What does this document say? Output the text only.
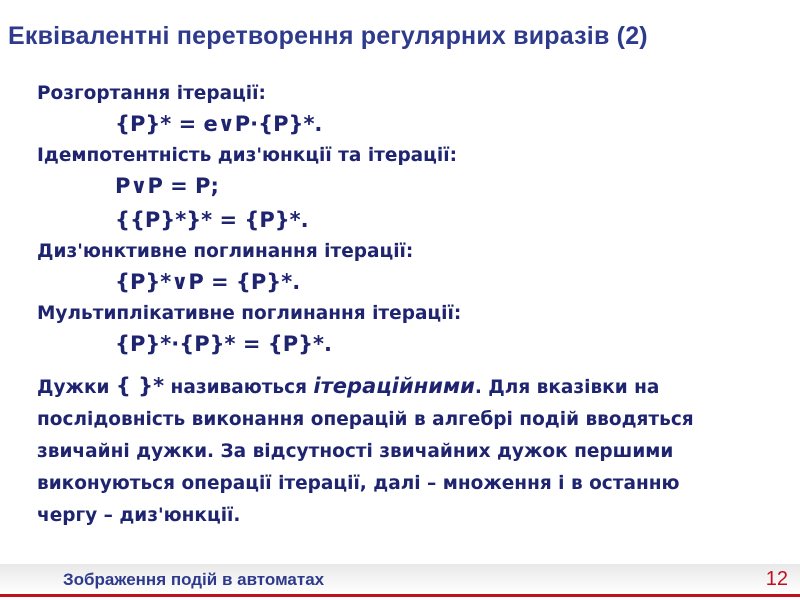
Еквівалентні перетворення регулярних виразів (2)
Розгортання ітерації:
{P}* = e∨P·{P}*.
Ідемпотентність диз'юнкції та ітерації:
P∨P = P;
{{P}*}* = {P}*.
Диз'юнктивне поглинання ітерації:
{P}*∨P = {P}*.
Мультиплікативне поглинання ітерації:
{P}*·{P}* = {P}*.
Дужки { }* називаються ітераційними. Для вказівки на
послідовність виконання операцій в алгебрі подій вводяться
звичайні дужки. За відсутності звичайних дужок першими
виконуються операції ітерації, далі – множення і в останню
чергу – диз'юнкції.
Зображення подій в автоматах	12
